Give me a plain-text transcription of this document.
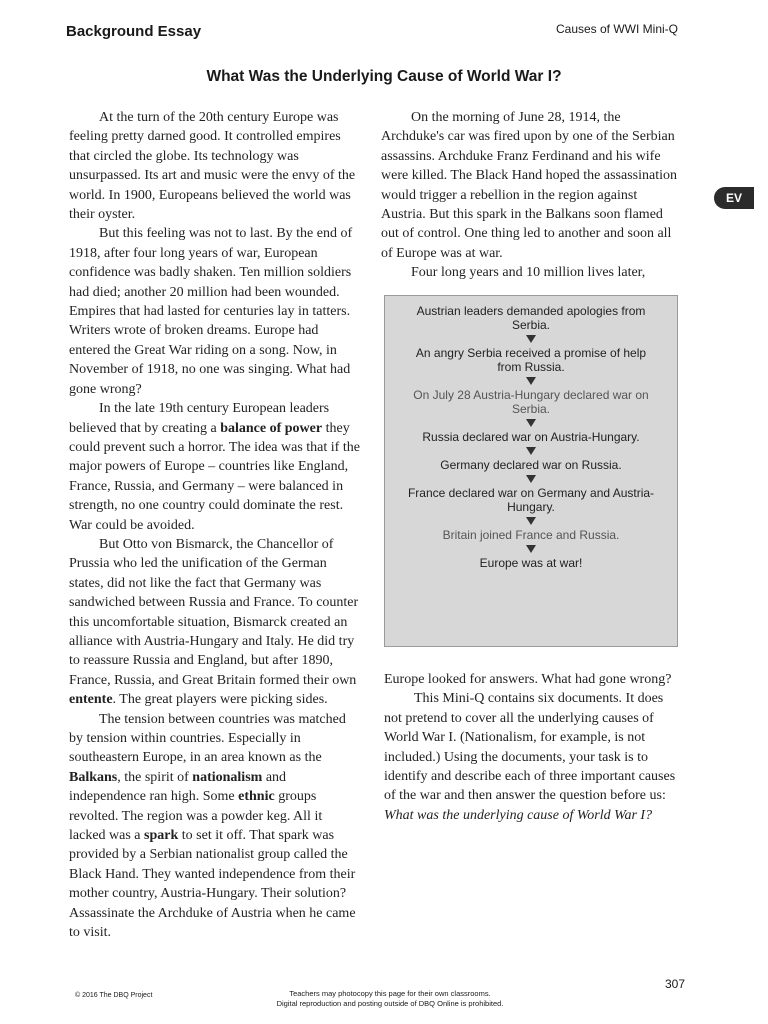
Background Essay	Causes of WWI Mini-Q
What Was the Underlying Cause of World War I?

At the turn of the 20th century Europe was feeling pretty darned good. It controlled empires that circled the globe. Its technology was unsurpassed. Its art and music were the envy of the world. In 1900, Europeans believed the world was their oyster.

But this feeling was not to last. By the end of 1918, after four long years of war, European confidence was badly shaken. Ten million soldiers had died; another 20 million had been wounded. Empires that had lasted for centuries lay in tatters. Writers wrote of broken dreams. Europe had entered the Great War riding on a song. Now, in November of 1918, no one was singing. What had gone wrong?

In the late 19th century European leaders believed that by creating a balance of power they could prevent such a horror. The idea was that if the major powers of Europe – countries like England, France, Russia, and Germany – were balanced in strength, no one country could dominate the rest. War could be avoided.

But Otto von Bismarck, the Chancellor of Prussia who led the unification of the German states, did not like the fact that Germany was sandwiched between Russia and France. To counter this uncomfortable situation, Bismarck created an alliance with Austria-Hungary and Italy. He did try to reassure Russia and England, but after 1890, France, Russia, and Great Britain formed their own entente. The great players were picking sides.

The tension between countries was matched by tension within countries. Especially in southeastern Europe, in an area known as the Balkans, the spirit of nationalism and independence ran high. Some ethnic groups revolted. The region was a powder keg. All it lacked was a spark to set it off. That spark was provided by a Serbian nationalist group called the Black Hand. They wanted independence from their mother country, Austria-Hungary. Their solution? Assassinate the Archduke of Austria when he came to visit.

On the morning of June 28, 1914, the Archduke's car was fired upon by one of the Serbian assassins. Archduke Franz Ferdinand and his wife were killed. The Black Hand hoped the assassination would trigger a rebellion in the region against Austria. But this spark in the Balkans soon flamed out of control. One thing led to another and soon all of Europe was at war.

Four long years and 10 million lives later,

EV
Austrian leaders demanded apologies from Serbia.
An angry Serbia received a promise of help from Russia.
On July 28 Austria-Hungary declared war on Serbia.
Russia declared war on Austria-Hungary.
Germany declared war on Russia.
France declared war on Germany and Austria-Hungary.
Britain joined France and Russia.
Europe was at war!

Europe looked for answers. What had gone wrong?

This Mini-Q contains six documents. It does not pretend to cover all the underlying causes of World War I. (Nationalism, for example, is not included.) Using the documents, your task is to identify and describe each of three important causes of the war and then answer the question before us: What was the underlying cause of World War I?

307
© 2016 The DBQ Project	Teachers may photocopy this page for their own classrooms.
Digital reproduction and posting outside of DBQ Online is prohibited.
